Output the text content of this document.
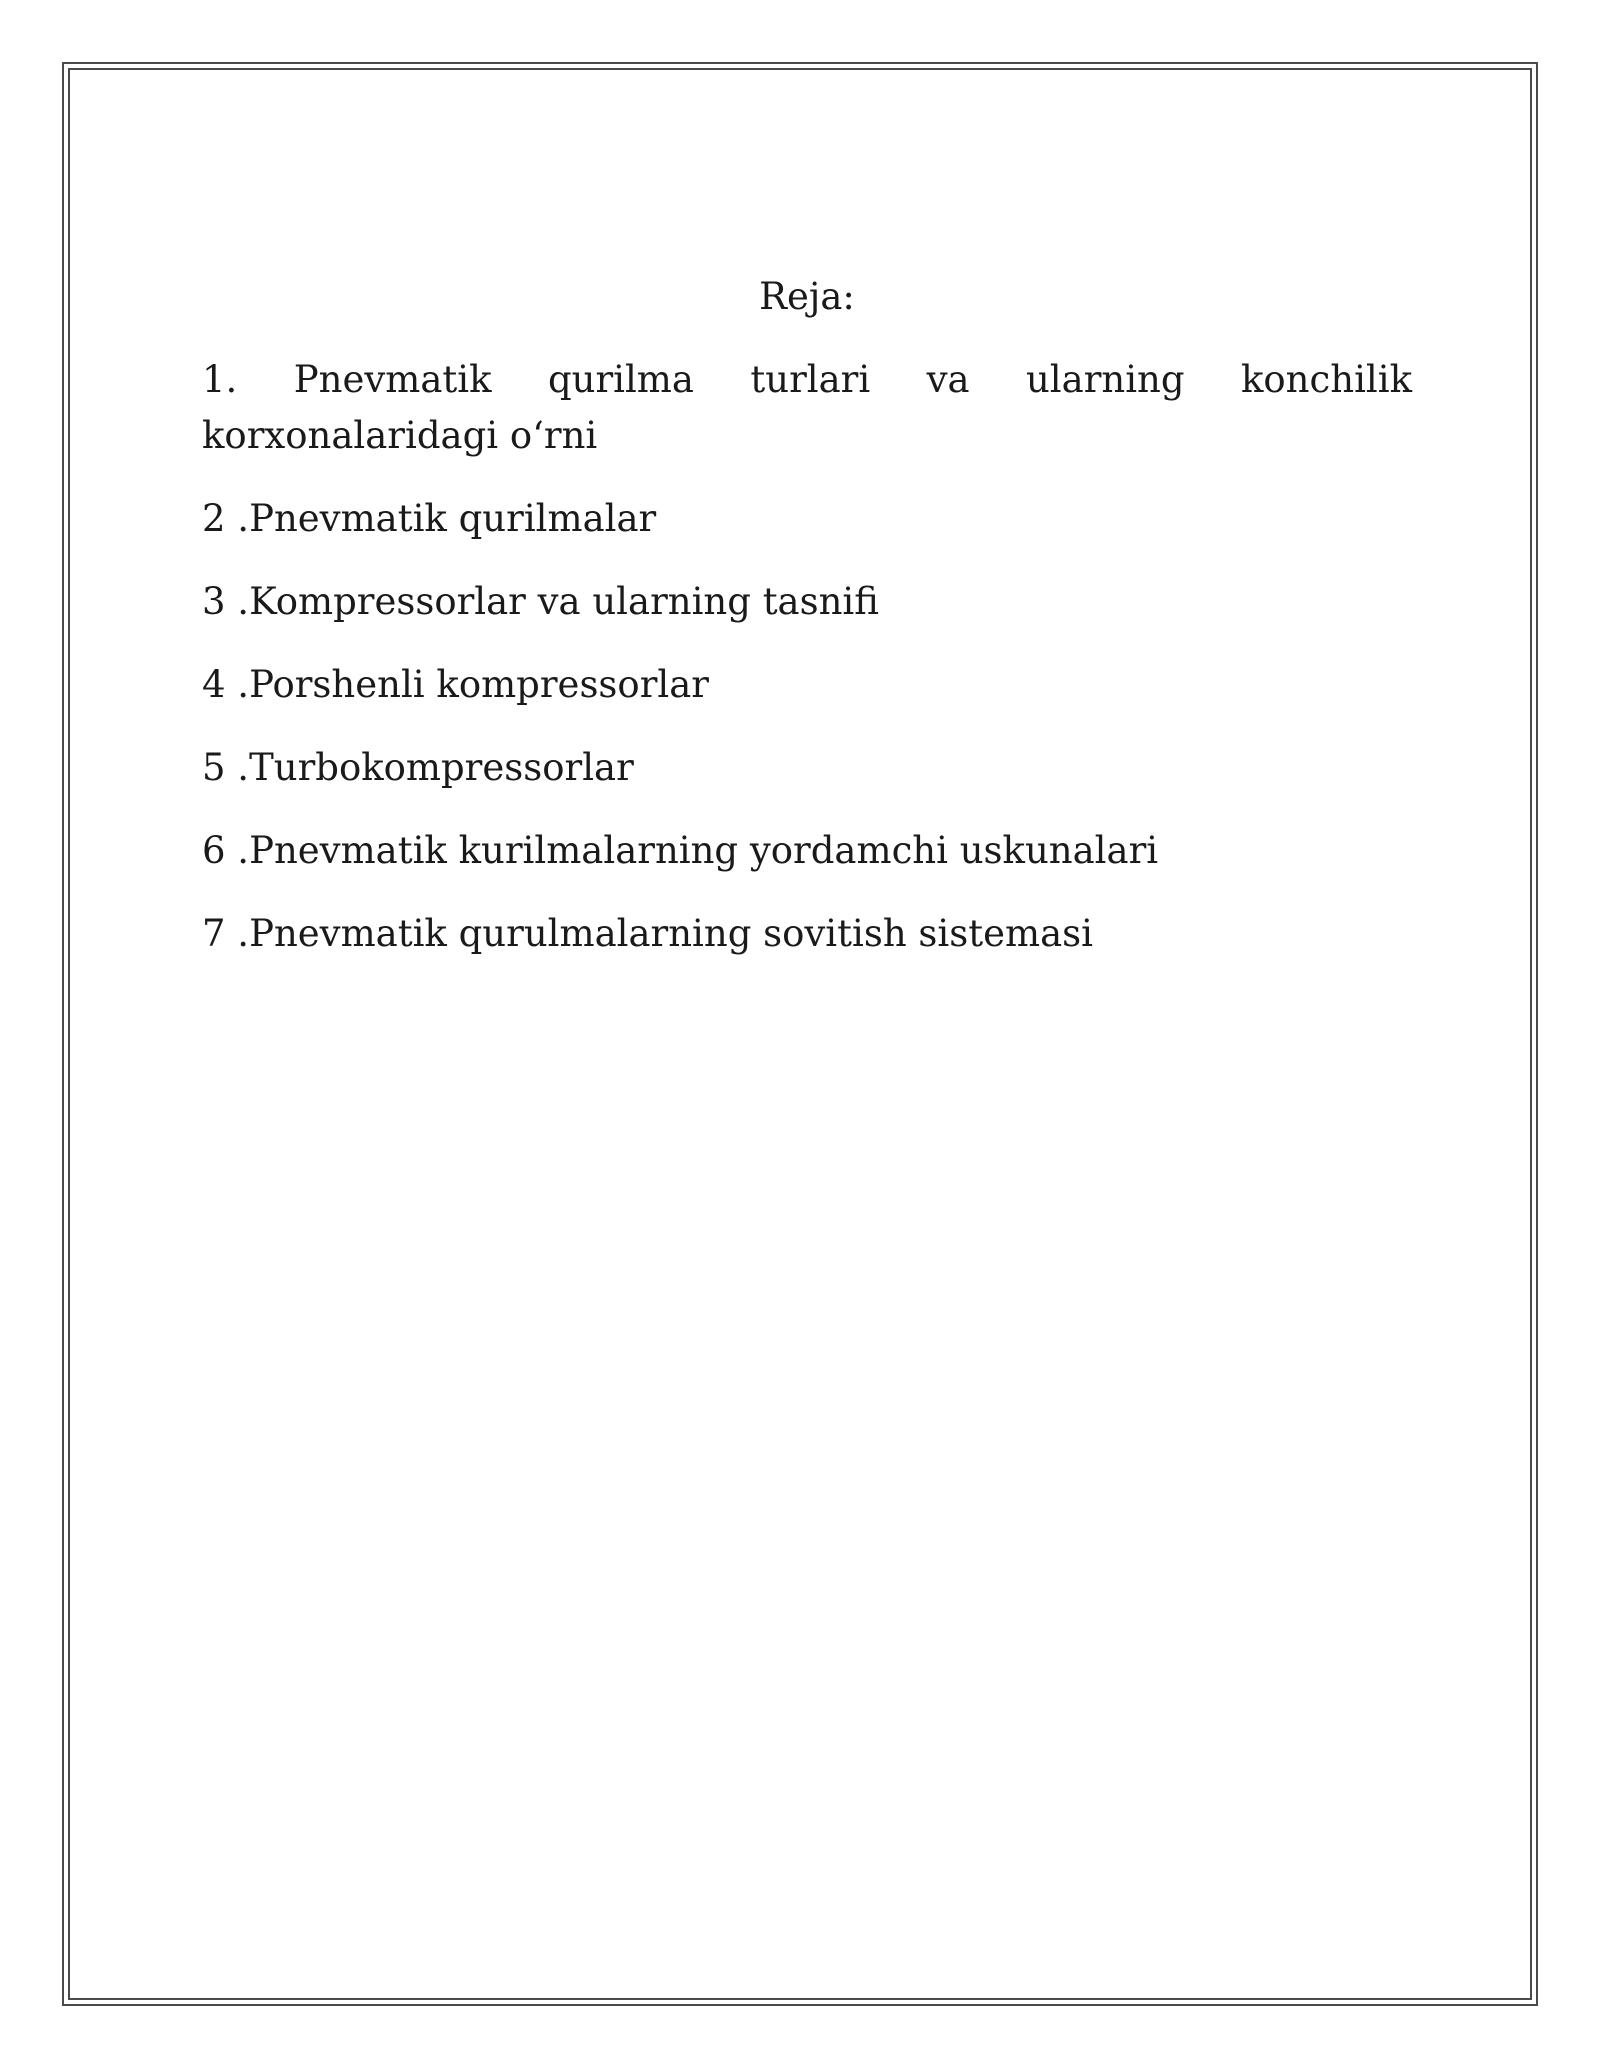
Reja:
1. Pnevmatik qurilma turlari va ularning konchilik korxonalaridagi o‘rni
2 .Pnevmatik qurilmalar
3 .Kompressorlar va ularning tasnifi
4 .Porshenli kompressorlar
5 .Turbokompressorlar
6 .Pnevmatik kurilmalarning yordamchi uskunalari
7 .Pnevmatik qurulmalarning sovitish sistemasi
